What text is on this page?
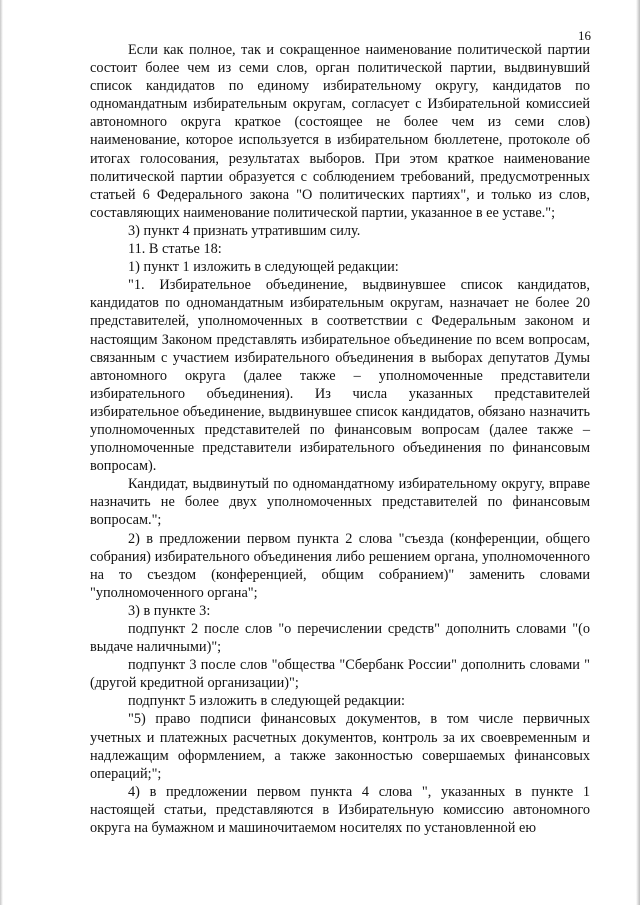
16

Если как полное, так и сокращенное наименование политической партии состоит более чем из семи слов, орган политической партии, выдвинувший список кандидатов по единому избирательному округу, кандидатов по одномандатным избирательным округам, согласует с Избирательной комиссией автономного округа краткое (состоящее не более чем из семи слов) наименование, которое используется в избирательном бюллетене, протоколе об итогах голосования, результатах выборов. При этом краткое наименование политической партии образуется с соблюдением требований, предусмотренных статьей 6 Федерального закона "О политических партиях", и только из слов, составляющих наименование политической партии, указанное в ее уставе.";

3) пункт 4 признать утратившим силу.

11. В статье 18:

1) пункт 1 изложить в следующей редакции:

"1. Избирательное объединение, выдвинувшее список кандидатов, кандидатов по одномандатным избирательным округам, назначает не более 20 представителей, уполномоченных в соответствии с Федеральным законом и настоящим Законом представлять избирательное объединение по всем вопросам, связанным с участием избирательного объединения в выборах депутатов Думы автономного округа (далее также – уполномоченные представители избирательного объединения). Из числа указанных представителей избирательное объединение, выдвинувшее список кандидатов, обязано назначить уполномоченных представителей по финансовым вопросам (далее также – уполномоченные представители избирательного объединения по финансовым вопросам).

Кандидат, выдвинутый по одномандатному избирательному округу, вправе назначить не более двух уполномоченных представителей по финансовым вопросам.";

2) в предложении первом пункта 2 слова "съезда (конференции, общего собрания) избирательного объединения либо решением органа, уполномоченного на то съездом (конференцией, общим собранием)" заменить словами "уполномоченного органа";

3) в пункте 3:

подпункт 2 после слов "о перечислении средств" дополнить словами "(о выдаче наличными)";

подпункт 3 после слов "общества "Сбербанк России" дополнить словами "(другой кредитной организации)";

подпункт 5 изложить в следующей редакции:

"5) право подписи финансовых документов, в том числе первичных учетных и платежных расчетных документов, контроль за их своевременным и надлежащим оформлением, а также законностью совершаемых финансовых операций;";

4) в предложении первом пункта 4 слова ", указанных в пункте 1 настоящей статьи, представляются в Избирательную комиссию автономного округа на бумажном и машиночитаемом носителях по установленной ею
